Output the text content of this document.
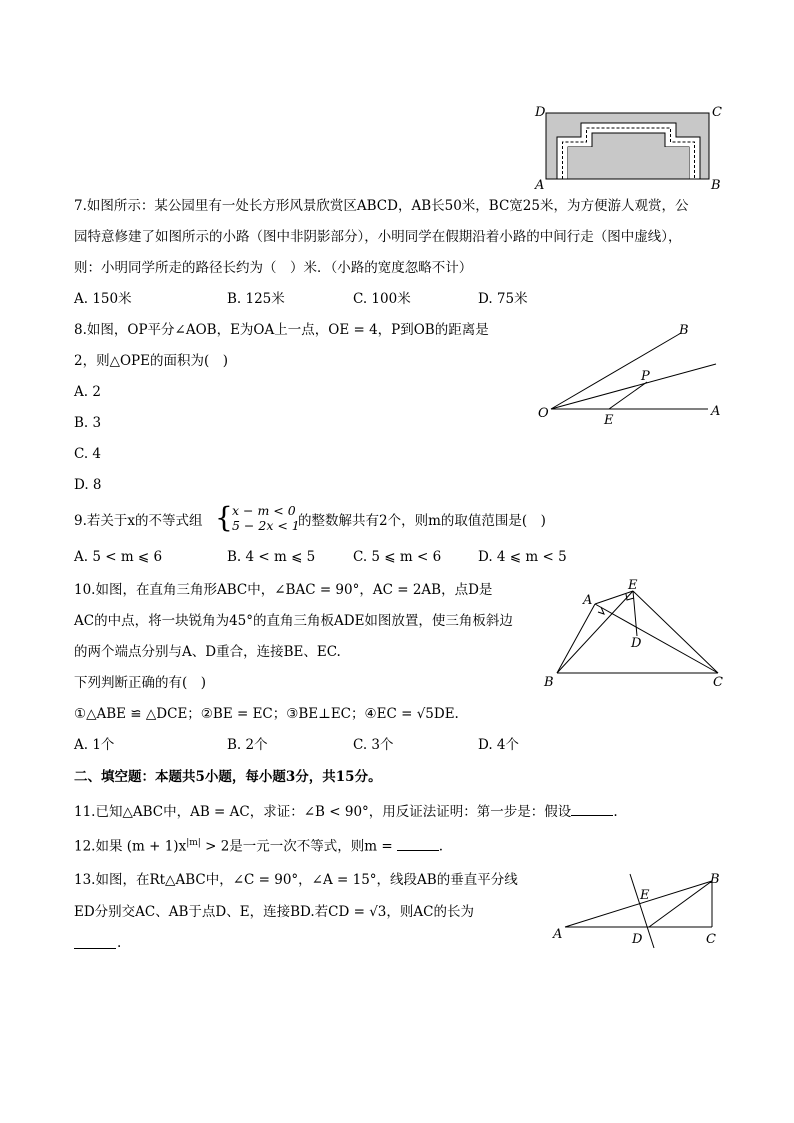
D	C
A	B
7.如图所示：某公园里有一处长方形风景欣赏区ABCD，AB长50米，BC宽25米，为方便游人观赏，公
园特意修建了如图所示的小路（图中非阴影部分），小明同学在假期沿着小路的中间行走（图中虚线），
则：小明同学所走的路径长约为（　）米．（小路的宽度忽略不计）
A. 150米	B. 125米	C. 100米	D. 75米
8.如图，OP平分∠AOB，E为OA上一点，OE = 4，P到OB的距离是
2，则△OPE的面积为(　)
A. 2
B. 3
C. 4
D. 8
O	E
A
P
B
9.若关于x的不等式组 { x − m < 0
5 − 2x < 1
的整数解共有2个，则m的取值范围是(　)
A. 5 < m ⩽ 6	B. 4 < m ⩽ 5	C. 5 ⩽ m < 6	D. 4 ⩽ m < 5
10.如图，在直角三角形ABC中，∠BAC = 90°，AC = 2AB，点D是
AC的中点，将一块锐角为45°的直角三角板ADE如图放置，使三角板斜边
的两个端点分别与A、D重合，连接BE、EC.
下列判断正确的有(　)
①△ABE ≌ △DCE；②BE = EC；③BE⊥EC；④EC = √5DE.
A. 1个	B. 2个	C. 3个	D. 4个
A
E
D
B	C
二、填空题：本题共5小题，每小题3分，共15分。
11.已知△ABC中，AB = AC，求证：∠B < 90°，用反证法证明：第一步是：假设	.
12.如果 $(m + 1)x^{|m|} > 2$是一元一次不等式，则m =	.
13.如图，在Rt△ABC中，∠C = 90°，∠A = 15°，线段AB的垂直平分线
ED分别交AC、AB于点D、E，连接BD.若CD = √3，则AC的长为
.
A	D	C
E
B
